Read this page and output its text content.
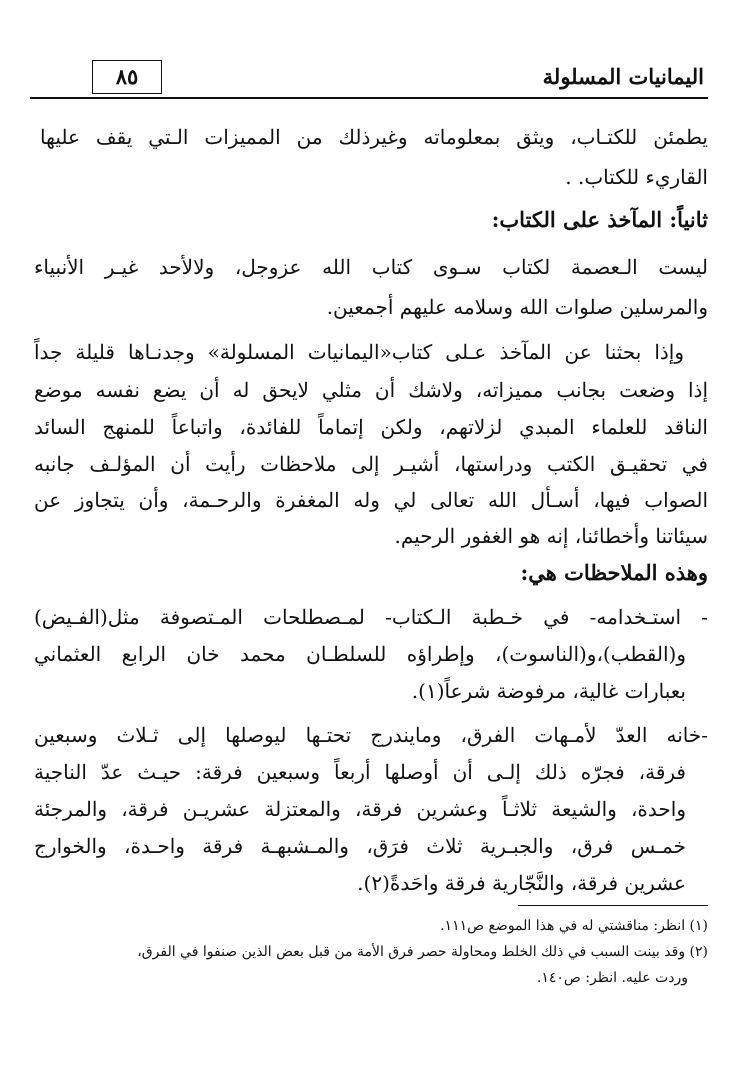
اليمانيات المسلولة
٨٥
يطمئن للكتـاب، ويثق بمعلوماته وغيرذلك من المميزات الـتي يقف عليها
القاريء للكتاب. .
ثانياً: المآخذ على الكتاب:
ليست الـعصمة لكتاب سـوى كتاب الله عزوجل، ولالأحد غيـر الأنبياء
والمرسلين صلوات الله وسلامه عليهم أجمعين.
وإذا بحثنا عن المآخذ عـلى كتاب«اليمانيات المسلولة» وجدنـاها قليلة جداً
إذا وضعت بجانب مميزاته، ولاشك أن مثلي لايحق له أن يضع نفسه موضع
الناقد للعلماء المبدي لزلاتهم، ولكن إتماماً للفائدة، واتباعاً للمنهج السائد
في تحقيـق الكتب ودراستها، أشيـر إلى ملاحظات رأيت أن المؤلـف جانبه
الصواب فيها، أسـأل الله تعالى لي وله المغفرة والرحـمة، وأن يتجاوز عن
سيئاتنا وأخطائنا، إنه هو الغفور الرحيم.
وهذه الملاحظات هي:
- استـخدامه- في خـطبة الـكتاب- لمـصطلحات المـتصوفة مثل(الفـيض)
و(القطب)،و(الناسوت)، وإطراؤه للسلطـان محمد خان الرابع العثماني
بعبارات غالية، مرفوضة شرعاً(١).
-خانه العدّ لأمـهات الفرق، ومايندرج تحتـها ليوصلها إلى ثـلاث وسبعين
فرقة، فجرّه ذلك إلـى أن أوصلها أربعاً وسبعين فرقة: حيـث عدّ الناجية
واحدة، والشيعة ثلاثـاً وعشرين فرقة، والمعتزلة عشريـن فرقة، والمرجئة
خمـس فرق، والجبـرية ثلاث فرَق، والمـشبهـة فرقة واحـدة، والخوارج
عشرين فرقة، والنَّجّارية فرقة واحَدةً(٢).
(١) انظر: مناقشتي له في هذا الموضع ص١١١.
(٢) وقد بينت السبب في ذلك الخلط ومحاولة حصر فرق الأمة من قبل بعض الذين صنفوا في الفرق،
وردت عليه. انظر: ص١٤٠.
